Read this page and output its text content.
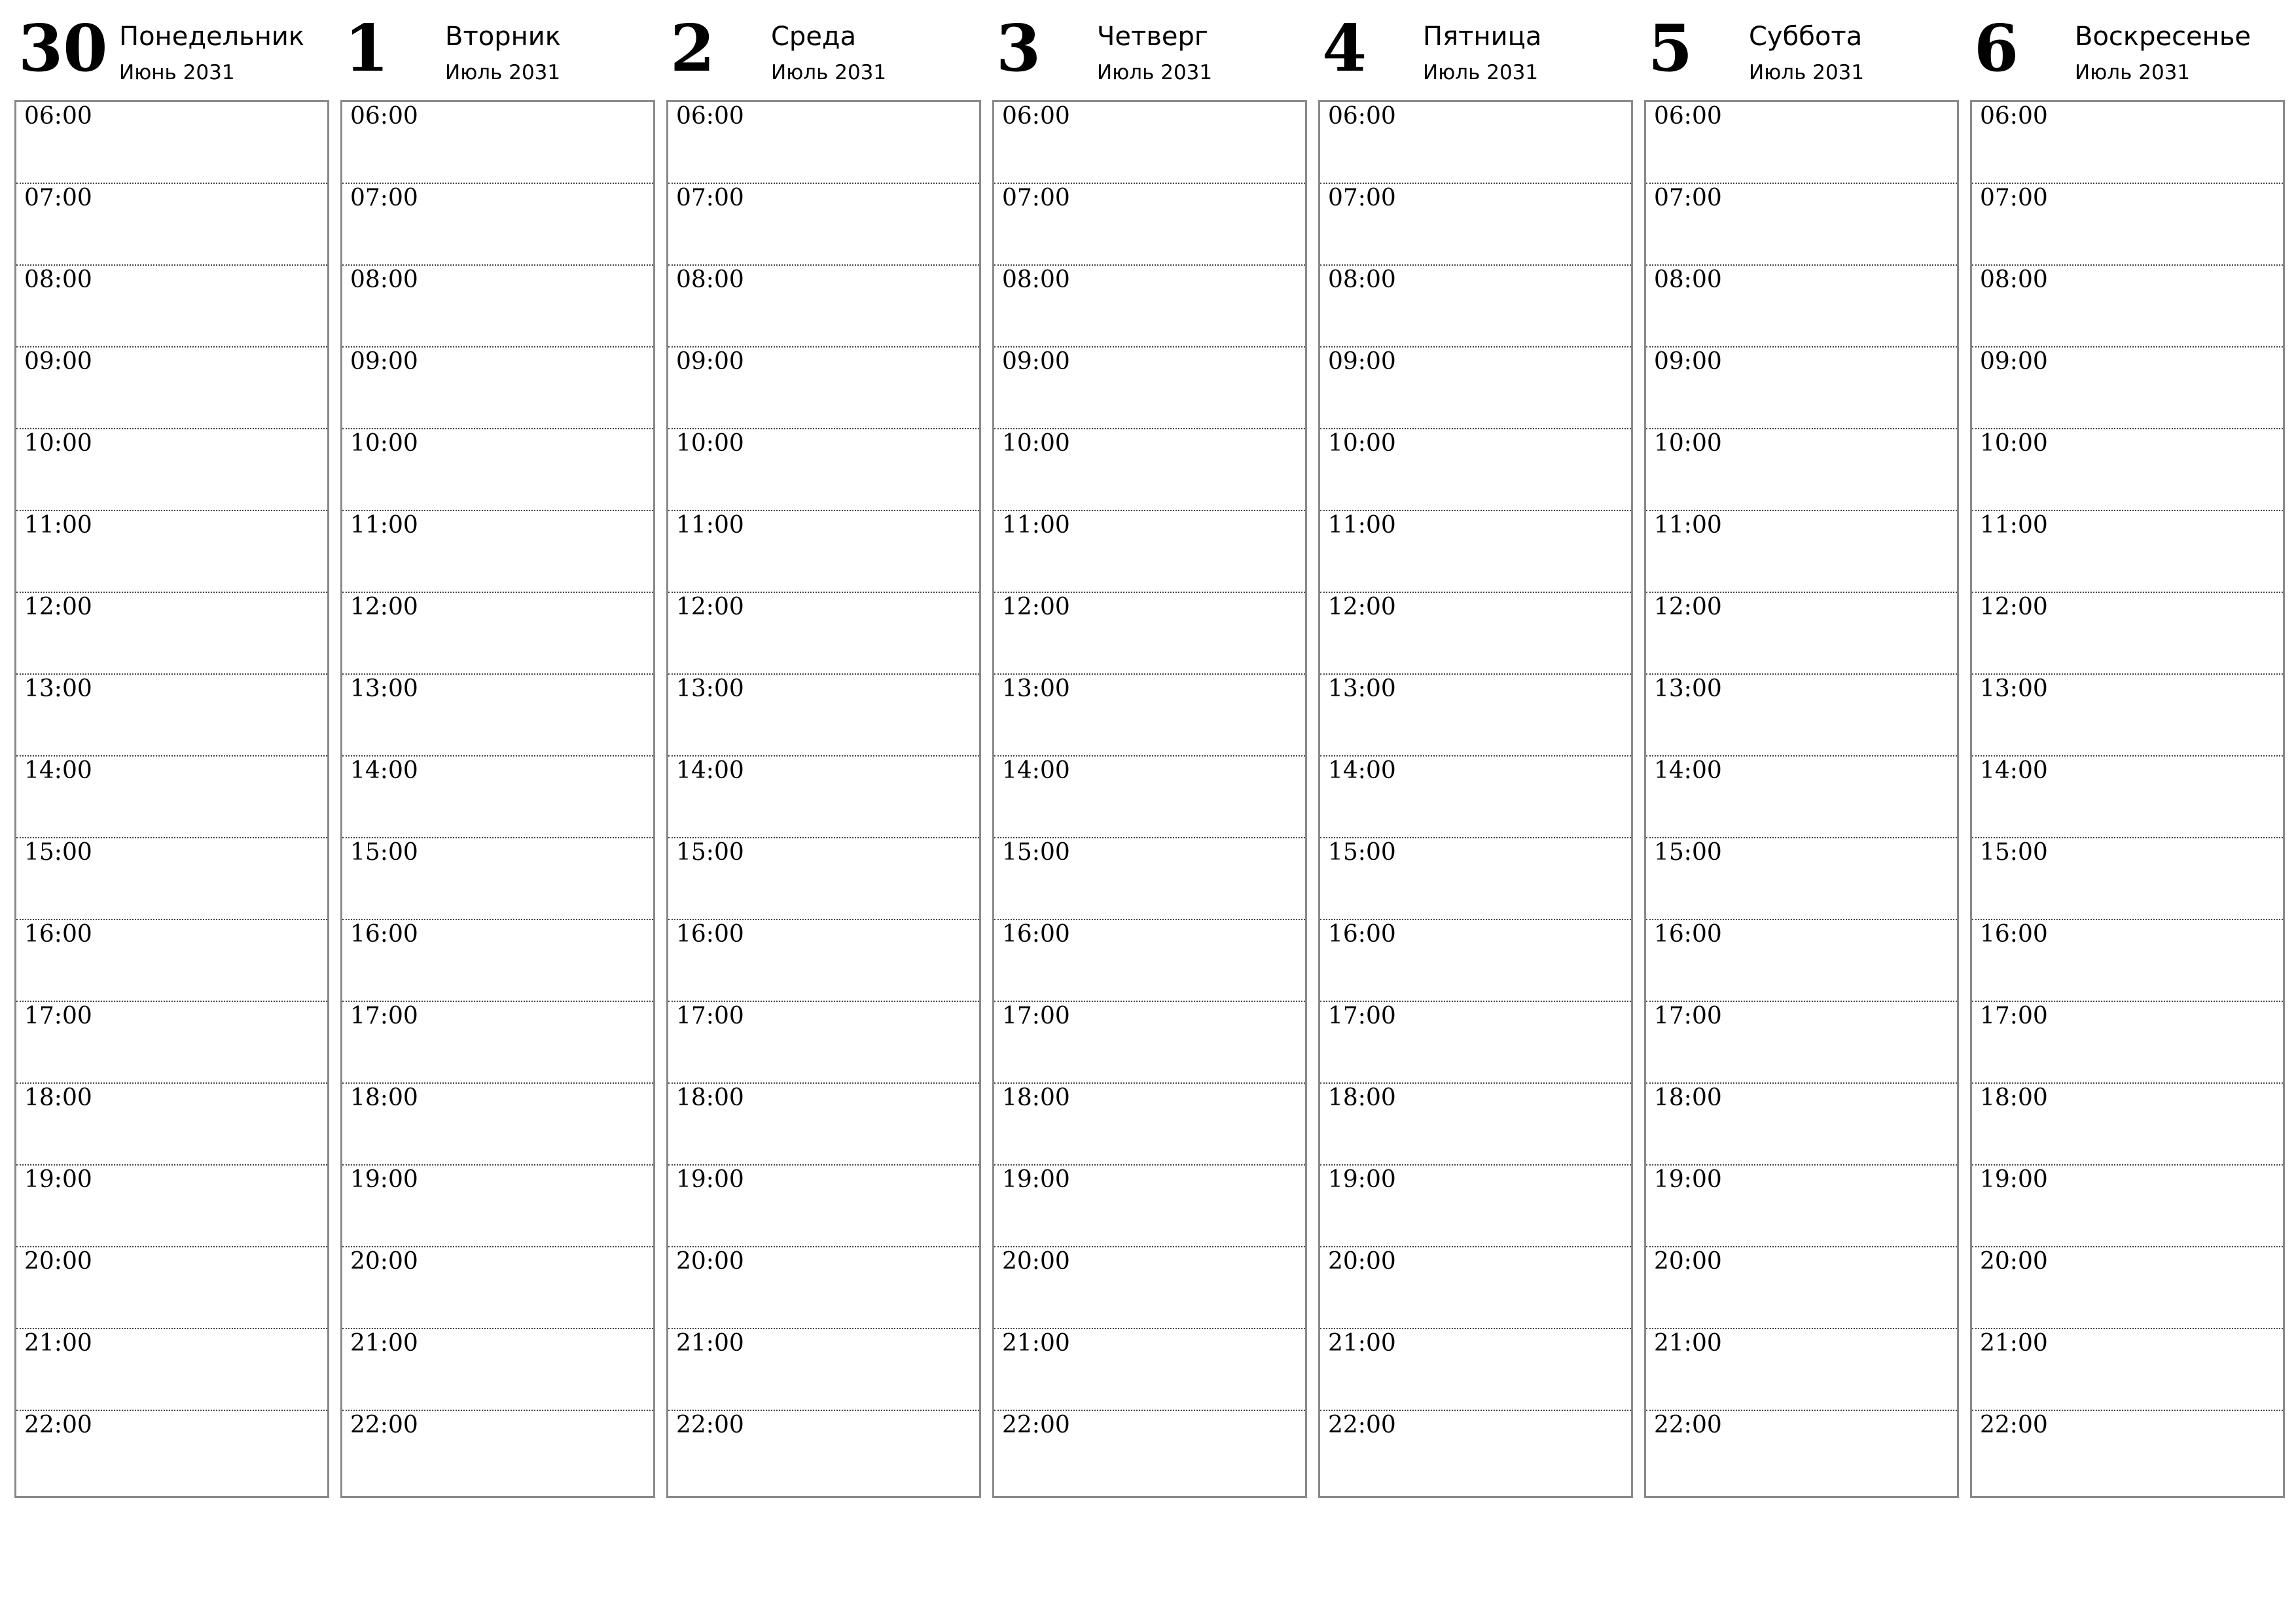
30 Понедельник
Июнь 2031
06:00
07:00
08:00
09:00
10:00
11:00
12:00
13:00
14:00
15:00
16:00
17:00
18:00
19:00
20:00
21:00
22:00
1 Вторник
Июль 2031
06:00
07:00
08:00
09:00
10:00
11:00
12:00
13:00
14:00
15:00
16:00
17:00
18:00
19:00
20:00
21:00
22:00
2 Среда
Июль 2031
06:00
07:00
08:00
09:00
10:00
11:00
12:00
13:00
14:00
15:00
16:00
17:00
18:00
19:00
20:00
21:00
22:00
3 Четверг
Июль 2031
06:00
07:00
08:00
09:00
10:00
11:00
12:00
13:00
14:00
15:00
16:00
17:00
18:00
19:00
20:00
21:00
22:00
4 Пятница
Июль 2031
06:00
07:00
08:00
09:00
10:00
11:00
12:00
13:00
14:00
15:00
16:00
17:00
18:00
19:00
20:00
21:00
22:00
5 Суббота
Июль 2031
06:00
07:00
08:00
09:00
10:00
11:00
12:00
13:00
14:00
15:00
16:00
17:00
18:00
19:00
20:00
21:00
22:00
6 Воскресенье
Июль 2031
06:00
07:00
08:00
09:00
10:00
11:00
12:00
13:00
14:00
15:00
16:00
17:00
18:00
19:00
20:00
21:00
22:00
